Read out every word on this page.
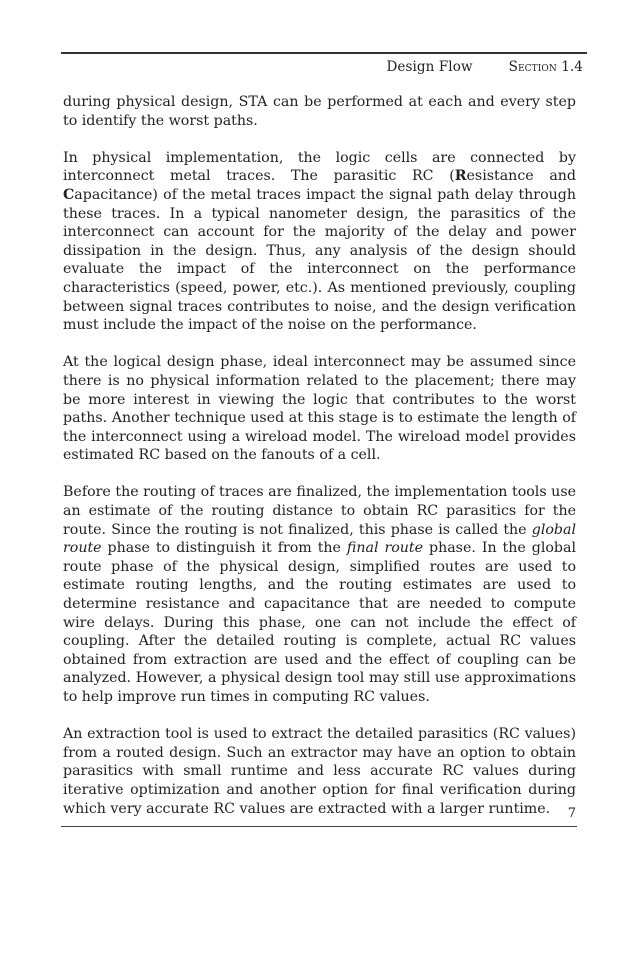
Design Flow	Section 1.4

during physical design, STA can be performed at each and every step to identify the worst paths.

In physical implementation, the logic cells are connected by interconnect metal traces. The parasitic RC (Resistance and Capacitance) of the metal traces impact the signal path delay through these traces. In a typical nanometer design, the parasitics of the interconnect can account for the majority of the delay and power dissipation in the design. Thus, any analysis of the design should evaluate the impact of the interconnect on the performance characteristics (speed, power, etc.). As mentioned previously, coupling between signal traces contributes to noise, and the design verification must include the impact of the noise on the performance.

At the logical design phase, ideal interconnect may be assumed since there is no physical information related to the placement; there may be more interest in viewing the logic that contributes to the worst paths. Another technique used at this stage is to estimate the length of the interconnect using a wireload model. The wireload model provides estimated RC based on the fanouts of a cell.

Before the routing of traces are finalized, the implementation tools use an estimate of the routing distance to obtain RC parasitics for the route. Since the routing is not finalized, this phase is called the global route phase to distinguish it from the final route phase. In the global route phase of the physical design, simplified routes are used to estimate routing lengths, and the routing estimates are used to determine resistance and capacitance that are needed to compute wire delays. During this phase, one can not include the effect of coupling. After the detailed routing is complete, actual RC values obtained from extraction are used and the effect of coupling can be analyzed. However, a physical design tool may still use approximations to help improve run times in computing RC values.

An extraction tool is used to extract the detailed parasitics (RC values) from a routed design. Such an extractor may have an option to obtain parasitics with small runtime and less accurate RC values during iterative optimization and another option for final verification during which very accurate RC values are extracted with a larger runtime.	7
